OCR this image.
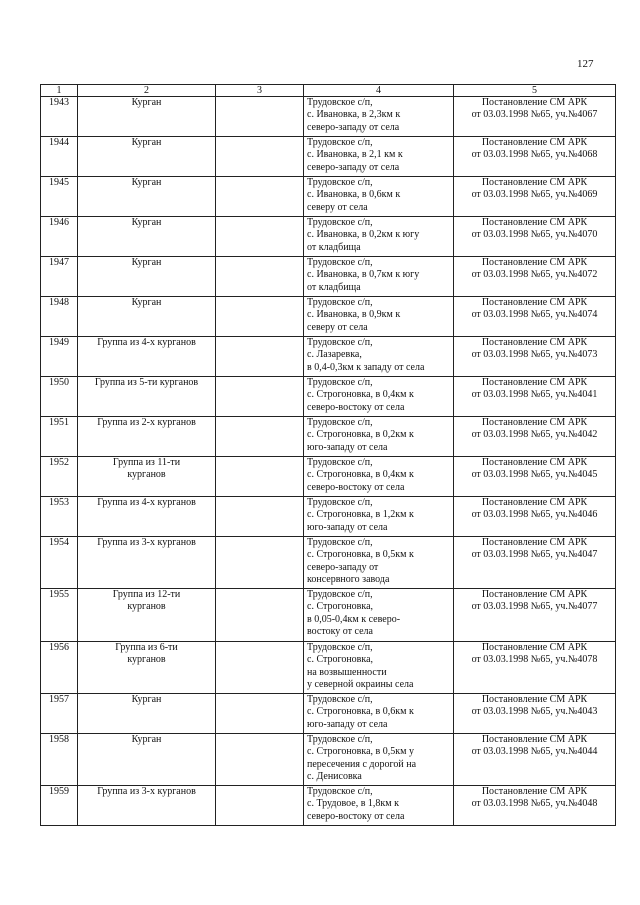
127
1	2	3	4	5
1943	Курган		Трудовское с/п,
с. Ивановка, в 2,3км к
северо-западу от села	Постановление СМ АРК
от 03.03.1998 №65, уч.№4067
1944	Курган		Трудовское с/п,
с. Ивановка, в 2,1 км к
северо-западу от села	Постановление СМ АРК
от 03.03.1998 №65, уч.№4068
1945	Курган		Трудовское с/п,
с. Ивановка, в 0,6км к
северу от села	Постановление СМ АРК
от 03.03.1998 №65, уч.№4069
1946	Курган		Трудовское с/п,
с. Ивановка, в 0,2км к югу
от кладбища	Постановление СМ АРК
от 03.03.1998 №65, уч.№4070
1947	Курган		Трудовское с/п,
с. Ивановка, в 0,7км к югу
от кладбища	Постановление СМ АРК
от 03.03.1998 №65, уч.№4072
1948	Курган		Трудовское с/п,
с. Ивановка, в 0,9км к
северу от села	Постановление СМ АРК
от 03.03.1998 №65, уч.№4074
1949	Группа из 4-х курганов		Трудовское с/п,
с. Лазаревка,
в 0,4-0,3км к западу от села	Постановление СМ АРК
от 03.03.1998 №65, уч.№4073
1950	Группа из 5-ти курганов		Трудовское с/п,
с. Строгоновка, в 0,4км к
северо-востоку от села	Постановление СМ АРК
от 03.03.1998 №65, уч.№4041
1951	Группа из 2-х курганов		Трудовское с/п,
с. Строгоновка, в 0,2км к
юго-западу от села	Постановление СМ АРК
от 03.03.1998 №65, уч.№4042
1952	Группа из 11-ти
курганов		Трудовское с/п,
с. Строгоновка, в 0,4км к
северо-востоку от села	Постановление СМ АРК
от 03.03.1998 №65, уч.№4045
1953	Группа из 4-х курганов		Трудовское с/п,
с. Строгоновка, в 1,2км к
юго-западу от села	Постановление СМ АРК
от 03.03.1998 №65, уч.№4046
1954	Группа из 3-х курганов		Трудовское с/п,
с. Строгоновка, в 0,5км к
северо-западу от
консервного завода	Постановление СМ АРК
от 03.03.1998 №65, уч.№4047
1955	Группа из 12-ти
курганов		Трудовское с/п,
с. Строгоновка,
в 0,05-0,4км к северо-
востоку от села	Постановление СМ АРК
от 03.03.1998 №65, уч.№4077
1956	Группа из 6-ти
курганов		Трудовское с/п,
с. Строгоновка,
на возвышенности
у северной окраины села	Постановление СМ АРК
от 03.03.1998 №65, уч.№4078
1957	Курган		Трудовское с/п,
с. Строгоновка, в 0,6км к
юго-западу от села	Постановление СМ АРК
от 03.03.1998 №65, уч.№4043
1958	Курган		Трудовское с/п,
с. Строгоновка, в 0,5км у
пересечения с дорогой на
с. Денисовка	Постановление СМ АРК
от 03.03.1998 №65, уч.№4044
1959	Группа из 3-х курганов		Трудовское с/п,
с. Трудовое, в 1,8км к
северо-востоку от села	Постановление СМ АРК
от 03.03.1998 №65, уч.№4048
